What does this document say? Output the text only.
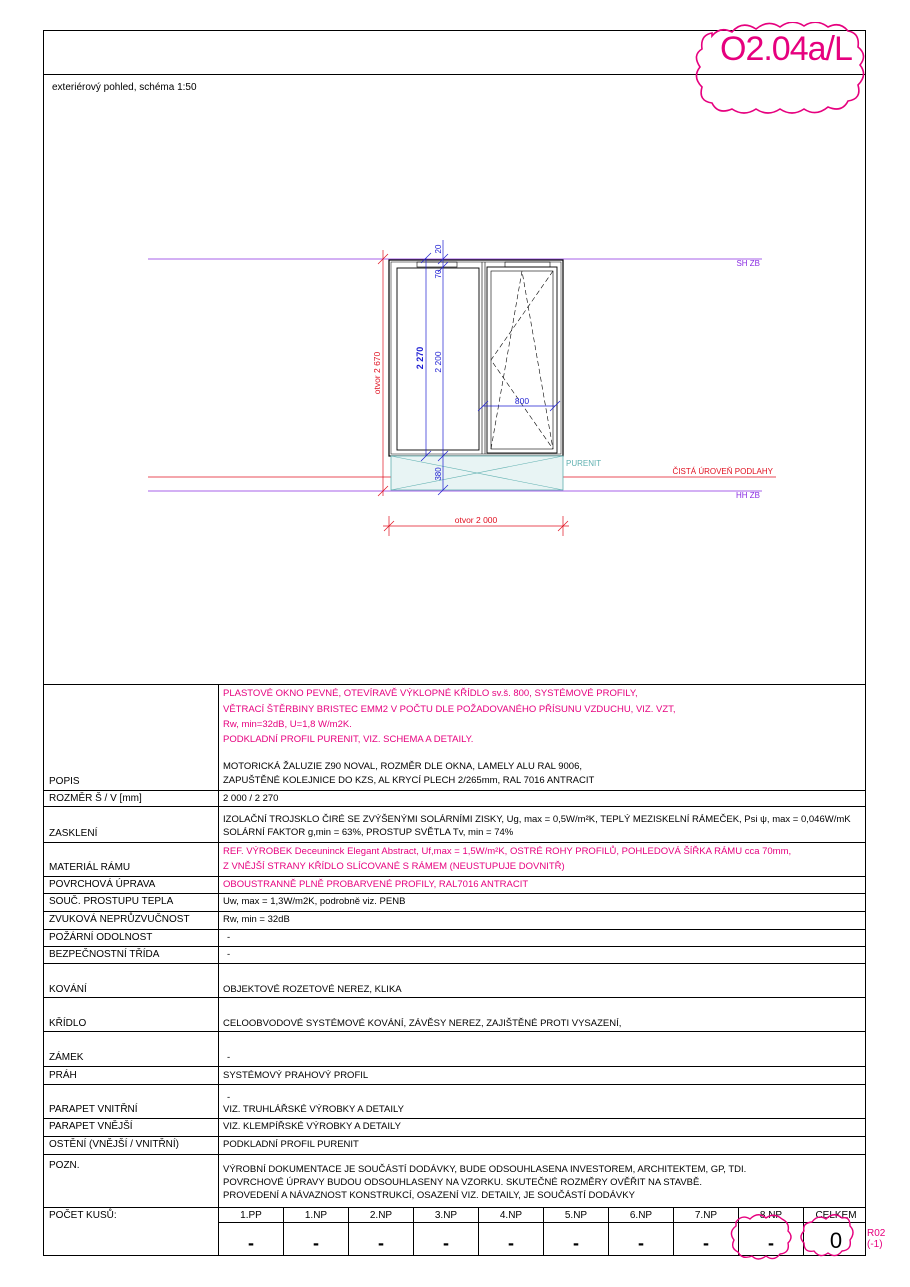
O2.04a/L
exteriérový pohled, schéma 1:50
SH ZB
HH ZB
ČISTÁ ÚROVEŇ PODLAHY
PURENIT
otvor 2 000
otvor 2 670	2 270 2 200
70
20
380
800
POPIS
PLASTOVÉ OKNO PEVNÉ, OTEVÍRAVĚ VÝKLOPNÉ KŘÍDLO sv.š. 800, SYSTÉMOVÉ PROFILY,
VĚTRACÍ ŠTĚRBINY BRISTEC EMM2 V POČTU DLE POŽADOVANÉHO PŘÍSUNU VZDUCHU, VIZ. VZT,
Rw, min=32dB, U=1,8 W/m2K.
PODKLADNÍ PROFIL PURENIT, VIZ. SCHEMA A DETAILY.
MOTORICKÁ ŽALUZIE Z90 NOVAL, ROZMĚR DLE OKNA, LAMELY ALU RAL 9006,
ZAPUŠTĚNÉ KOLEJNICE DO KZS, AL KRYCÍ PLECH 2/265mm, RAL 7016 ANTRACIT
ROZMĚR Š / V [mm]	2 000 / 2 270
ZASKLENÍ
IZOLAČNÍ TROJSKLO ČIRÉ SE ZVÝŠENÝMI SOLÁRNÍMI ZISKY, Ug, max = 0,5W/m²K, TEPLÝ MEZISKELNÍ RÁMEČEK, Psi ψ, max = 0,046W/mK
SOLÁRNÍ FAKTOR g,min = 63%, PROSTUP SVĚTLA Tv, min = 74%
MATERIÁL RÁMU
REF. VÝROBEK Deceuninck Elegant Abstract, Uf,max = 1,5W/m²K, OSTRÉ ROHY PROFILŮ, POHLEDOVÁ ŠÍŘKA RÁMU cca 70mm,
Z VNĚJŠÍ STRANY KŘÍDLO SLÍCOVANÉ S RÁMEM (NEUSTUPUJE DOVNITŘ)
POVRCHOVÁ ÚPRAVA	OBOUSTRANNĚ PLNĚ PROBARVENÉ PROFILY, RAL7016 ANTRACIT
SOUČ. PROSTUPU TEPLA	Uw, max = 1,3W/m2K, podrobně viz. PENB
ZVUKOVÁ NEPRŮZVUČNOST	Rw, min = 32dB
POŽÁRNÍ ODOLNOST	-
BEZPEČNOSTNÍ TŘÍDA	-
KOVÁNÍ	OBJEKTOVÉ ROZETOVÉ NEREZ, KLIKA
KŘÍDLO	CELOOBVODOVÉ SYSTÉMOVÉ KOVÁNÍ, ZÁVĚSY NEREZ, ZAJIŠTĚNÉ PROTI VYSAZENÍ,
ZÁMEK	-
PRÁH	SYSTÉMOVÝ PRAHOVÝ PROFIL
PARAPET VNITŘNÍ
-
VIZ. TRUHLÁŘSKÉ VÝROBKY A DETAILY
PARAPET VNĚJŠÍ	VIZ. KLEMPÍŘSKÉ VÝROBKY A DETAILY
OSTĚNÍ (VNĚJŠÍ / VNITŘNÍ)	PODKLADNÍ PROFIL PURENIT
POZN.	VÝROBNÍ DOKUMENTACE JE SOUČÁSTÍ DODÁVKY, BUDE ODSOUHLASENA INVESTOREM, ARCHITEKTEM, GP, TDI.
POVRCHOVÉ ÚPRAVY BUDOU ODSOUHLASENY NA VZORKU. SKUTEČNÉ ROZMĚRY OVĚŘIT NA STAVBĚ.
PROVEDENÍ A NÁVAZNOST KONSTRUKCÍ, OSAZENÍ VIZ. DETAILY, JE SOUČÁSTÍ DODÁVKY
POČET KUSŮ:	1.PP	1.NP	2.NP	3.NP	4.NP	5.NP	6.NP	7.NP	8.NP	CELKEM
-	-	-	-	-	-	-	-	-	0	R02
(-1)
